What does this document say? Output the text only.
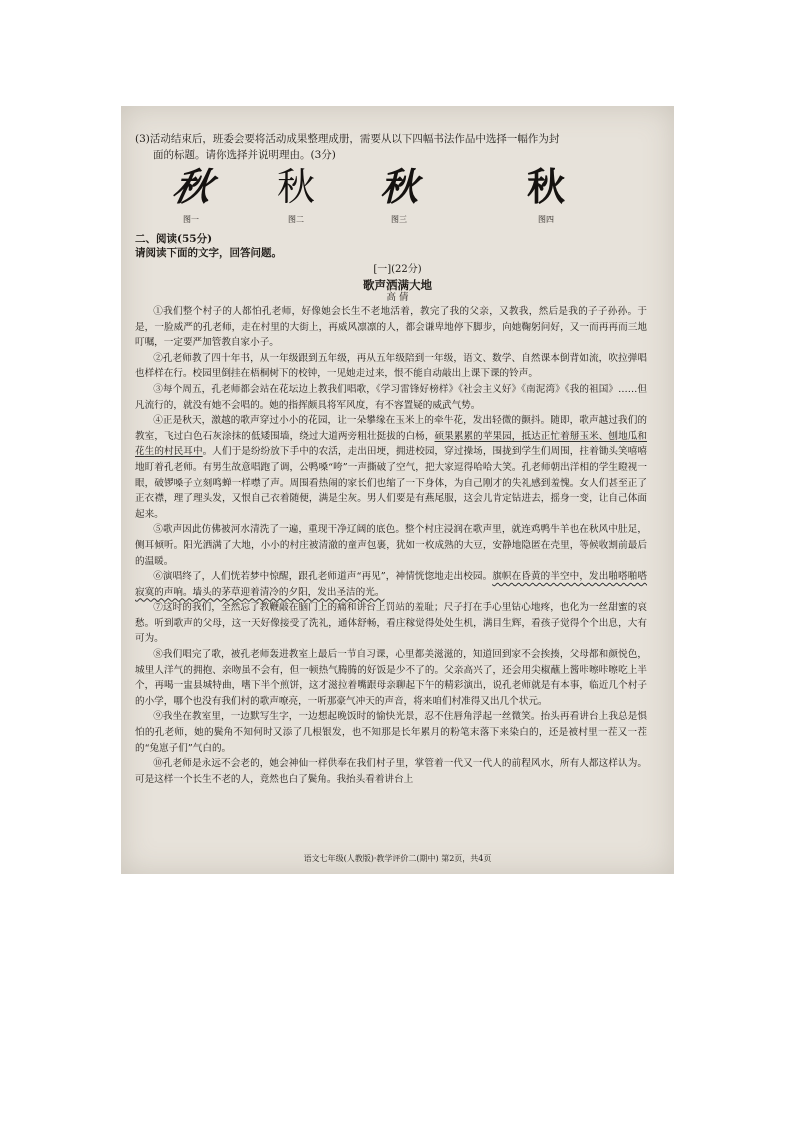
(3)活动结束后，班委会要将活动成果整理成册，需要从以下四幅书法作品中选择一幅作为封
面的标题。请你选择并说明理由。(3分)
秋
图一
秋
图二
秋
图三
秋
图四
二、阅读(55分)
请阅读下面的文字，回答问题。
[一](22分)
歌声洒满大地
高 倩

①我们整个村子的人都怕孔老师，好像她会长生不老地活着，教完了我的父亲，又教我，然后是我的子子孙孙。于是，一脸威严的孔老师，走在村里的大街上，再威风凛凛的人，都会谦卑地停下脚步，向她鞠躬问好，又一而再再而三地叮嘱，一定要严加管教自家小子。

②孔老师教了四十年书，从一年级跟到五年级，再从五年级陪到一年级，语文、数学、自然课本倒背如流，吹拉弹唱也样样在行。校园里倒挂在梧桐树下的校钟，一见她走过来，恨不能自动敲出上课下课的铃声。

③每个周五，孔老师都会站在花坛边上教我们唱歌，《学习雷锋好榜样》《社会主义好》《南泥湾》《我的祖国》……但凡流行的，就没有她不会唱的。她的指挥颇具将军风度，有不容置疑的威武气势。

④正是秋天，激越的歌声穿过小小的花园，让一朵攀缘在玉米上的牵牛花，发出轻微的颤抖。随即，歌声越过我们的教室，飞过白色石灰涂抹的低矮围墙，绕过大道两旁粗壮挺拔的白杨，硕果累累的苹果园，抵达正忙着掰玉米、刨地瓜和花生的村民耳中。人们于是纷纷放下手中的农活，走出田埂，拥进校园，穿过操场，围拢到学生们周围，拄着锄头笑嘻嘻地盯着孔老师。有男生故意唱跑了调，公鸭嗓“咵”一声撕破了空气，把大家逗得哈哈大笑。孔老师朝出洋相的学生瞪视一眼，破锣嗓子立刻鸣蝉一样噤了声。周围看热闹的家长们也缩了一下身体，为自己刚才的失礼感到羞愧。女人们甚至正了正衣襟，理了理头发，又恨自己衣着随便，满是尘灰。男人们要是有燕尾服，这会儿肯定钻进去，摇身一变，让自己体面起来。

⑤歌声因此仿佛被河水清洗了一遍，重现干净辽阔的底色。整个村庄浸润在歌声里，就连鸡鸭牛羊也在秋风中肚足，侧耳倾听。阳光洒满了大地，小小的村庄被清澈的童声包裹，犹如一枚成熟的大豆，安静地隐匿在壳里，等候收割前最后的温暖。

⑥演唱终了，人们恍若梦中惊醒，跟孔老师道声“再见”，神情恍惚地走出校园。旗帜在昏黄的半空中，发出啪嗒啪嗒寂寞的声响。墙头的茅草迎着清冷的夕阳，发出圣洁的光。

⑦这时的我们，全然忘了教鞭敲在脑门上的痛和讲台上罚站的羞耻；尺子打在手心里钻心地疼，也化为一丝甜蜜的哀愁。听到歌声的父母，这一天好像接受了洗礼，通体舒畅，看庄稼觉得处处生机，满目生辉，看孩子觉得个个出息，大有可为。

⑧我们唱完了歌，被孔老师轰进教室上最后一节自习课，心里都美滋滋的，知道回到家不会挨揍，父母都和颜悦色，城里人洋气的拥抱、亲吻虽不会有，但一顿热气腾腾的好饭是少不了的。父亲高兴了，还会用尖椒蘸上酱咔嚓咔嚓吃上半个，再喝一盅县城特曲，嗜下半个煎饼，这才滋拉着嘴跟母亲聊起下午的精彩演出，说孔老师就是有本事，临近几个村子的小学，哪个也没有我们村的歌声嘹亮，一听那豪气冲天的声音，将来咱们村准得又出几个状元。

⑨我坐在教室里，一边默写生字，一边想起晚饭时的愉快光景，忍不住唇角浮起一丝微笑。抬头再看讲台上我总是惧怕的孔老师，她的鬓角不知何时又添了几根银发，也不知那是长年累月的粉笔末落下来染白的，还是被村里一茬又一茬的“兔崽子们”气白的。

⑩孔老师是永远不会老的，她会神仙一样供奉在我们村子里，掌管着一代又一代人的前程风水，所有人都这样认为。可是这样一个长生不老的人，竟然也白了鬓角。我抬头看着讲台上

语文七年级(人教版)·教学评价二(期中) 第2页，共4页
